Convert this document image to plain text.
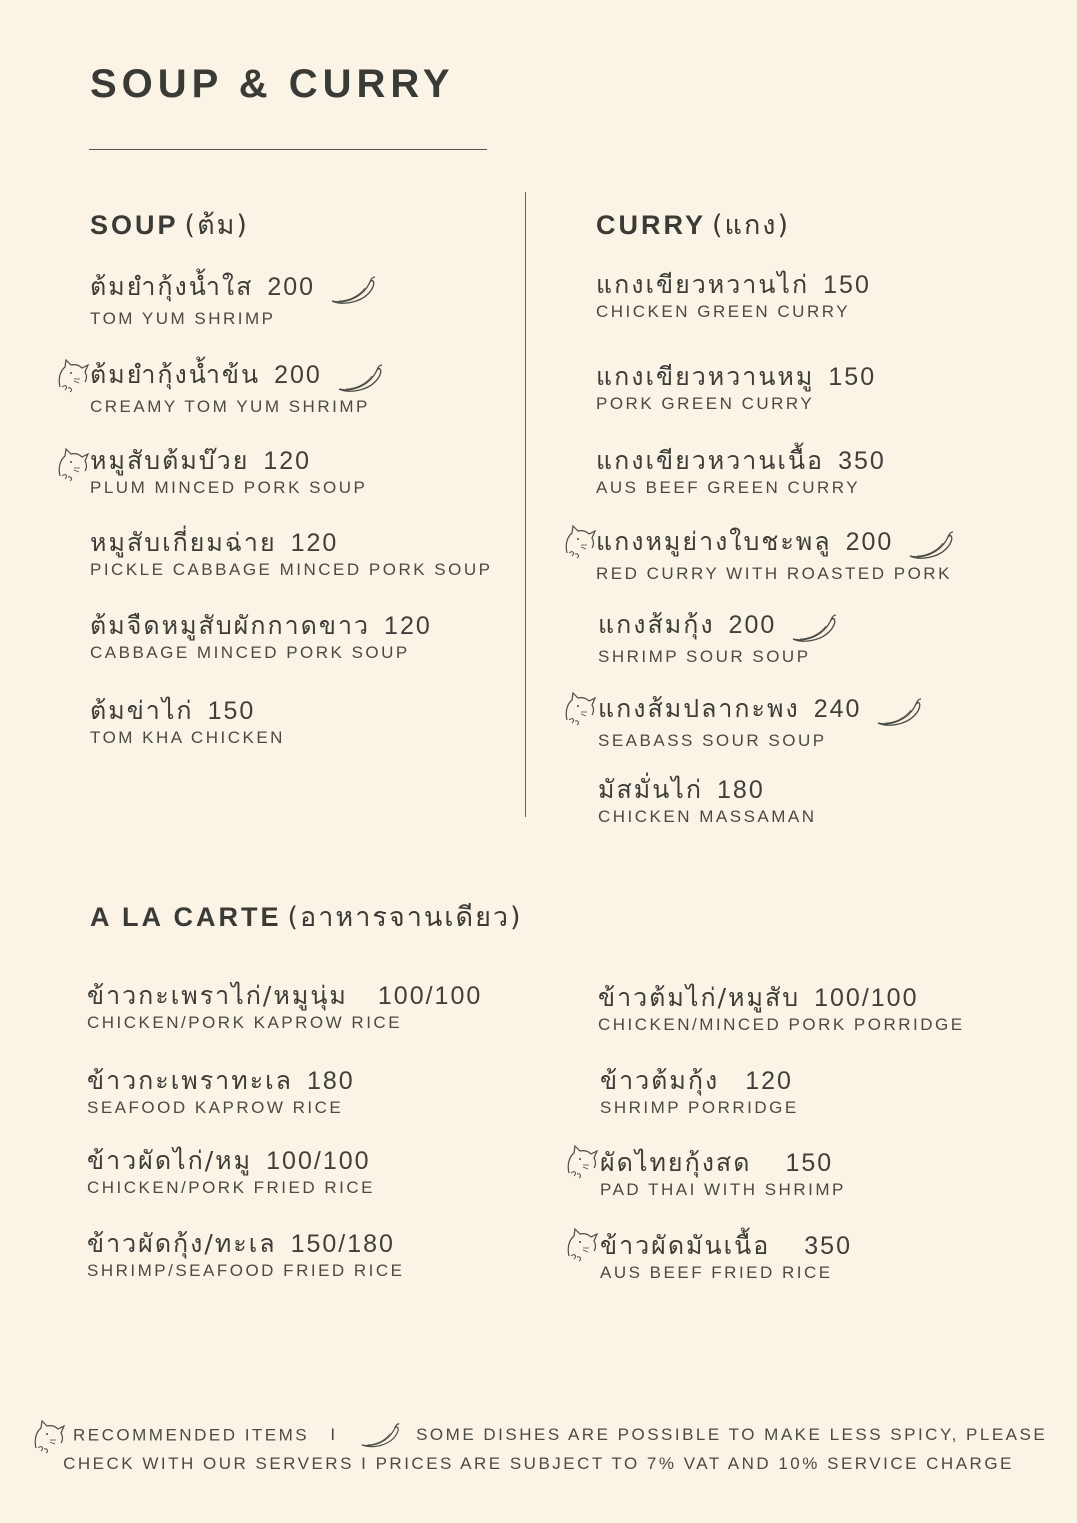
SOUP & CURRY
SOUP (ต้ม)	CURRY (แกง)
ต้มยำกุ้งน้ำใส 200
TOM YUM SHRIMP
ต้มยำกุ้งน้ำข้น 200
CREAMY TOM YUM SHRIMP
หมูสับต้มบ๊วย 120
PLUM MINCED PORK SOUP
หมูสับเกี่ยมฉ่าย 120
PICKLE CABBAGE MINCED PORK SOUP
ต้มจืดหมูสับผักกาดขาว 120
CABBAGE MINCED PORK SOUP
ต้มข่าไก่ 150
TOM KHA CHICKEN
แกงเขียวหวานไก่ 150
CHICKEN GREEN CURRY
แกงเขียวหวานหมู 150
PORK GREEN CURRY
แกงเขียวหวานเนื้อ 350
AUS BEEF GREEN CURRY
แกงหมูย่างใบชะพลู 200
RED CURRY WITH ROASTED PORK
แกงส้มกุ้ง 200
SHRIMP SOUR SOUP
แกงส้มปลากะพง 240
SEABASS SOUR SOUP
มัสมั่นไก่ 180
CHICKEN MASSAMAN
A LA CARTE (อาหารจานเดียว)
ข้าวกะเพราไก่/หมูนุ่ม 100/100
CHICKEN/PORK KAPROW RICE
ข้าวกะเพราทะเล 180
SEAFOOD KAPROW RICE
ข้าวผัดไก่/หมู 100/100
CHICKEN/PORK FRIED RICE
ข้าวผัดกุ้ง/ทะเล 150/180
SHRIMP/SEAFOOD FRIED RICE
ข้าวต้มไก่/หมูสับ 100/100
CHICKEN/MINCED PORK PORRIDGE
ข้าวต้มกุ้ง 120
SHRIMP PORRIDGE
ผัดไทยกุ้งสด 150
PAD THAI WITH SHRIMP
ข้าวผัดมันเนื้อ 350
AUS BEEF FRIED RICE
RECOMMENDED ITEMS I	SOME DISHES ARE POSSIBLE TO MAKE LESS SPICY, PLEASE
CHECK WITH OUR SERVERS I PRICES ARE SUBJECT TO 7% VAT AND 10% SERVICE CHARGE
